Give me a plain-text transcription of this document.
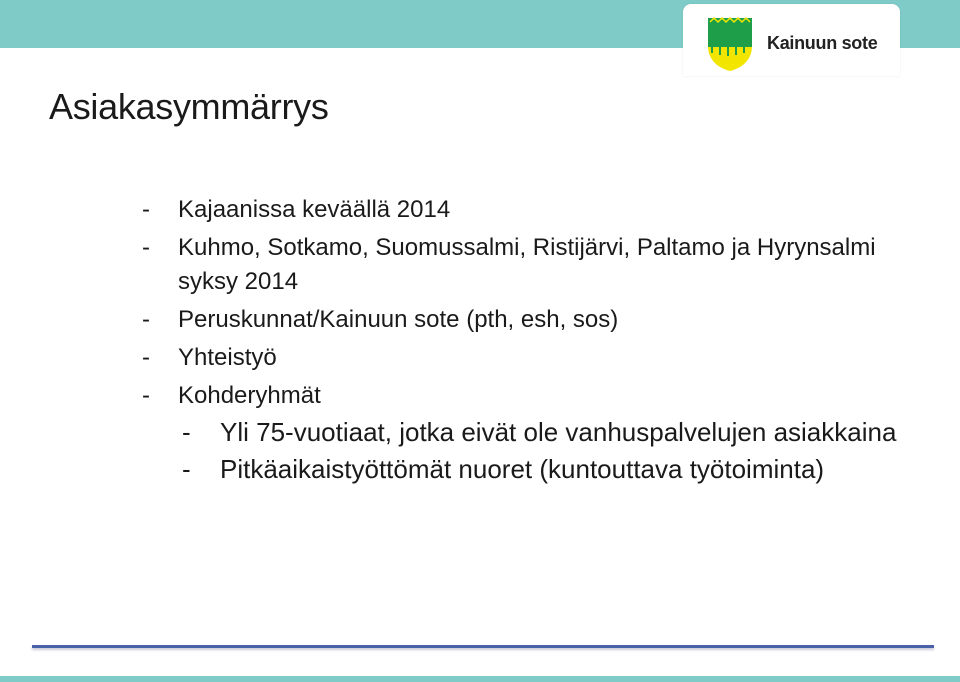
Kainuun sote
Asiakasymmärrys
- Kajaanissa keväällä 2014
- Kuhmo, Sotkamo, Suomussalmi, Ristijärvi, Paltamo ja Hyrynsalmi syksy 2014
- Peruskunnat/Kainuun sote (pth, esh, sos)
- Yhteistyö
- Kohderyhmät
- Yli 75-vuotiaat, jotka eivät ole vanhuspalvelujen asiakkaina
- Pitkäaikaistyöttömät nuoret (kuntouttava työtoiminta)
